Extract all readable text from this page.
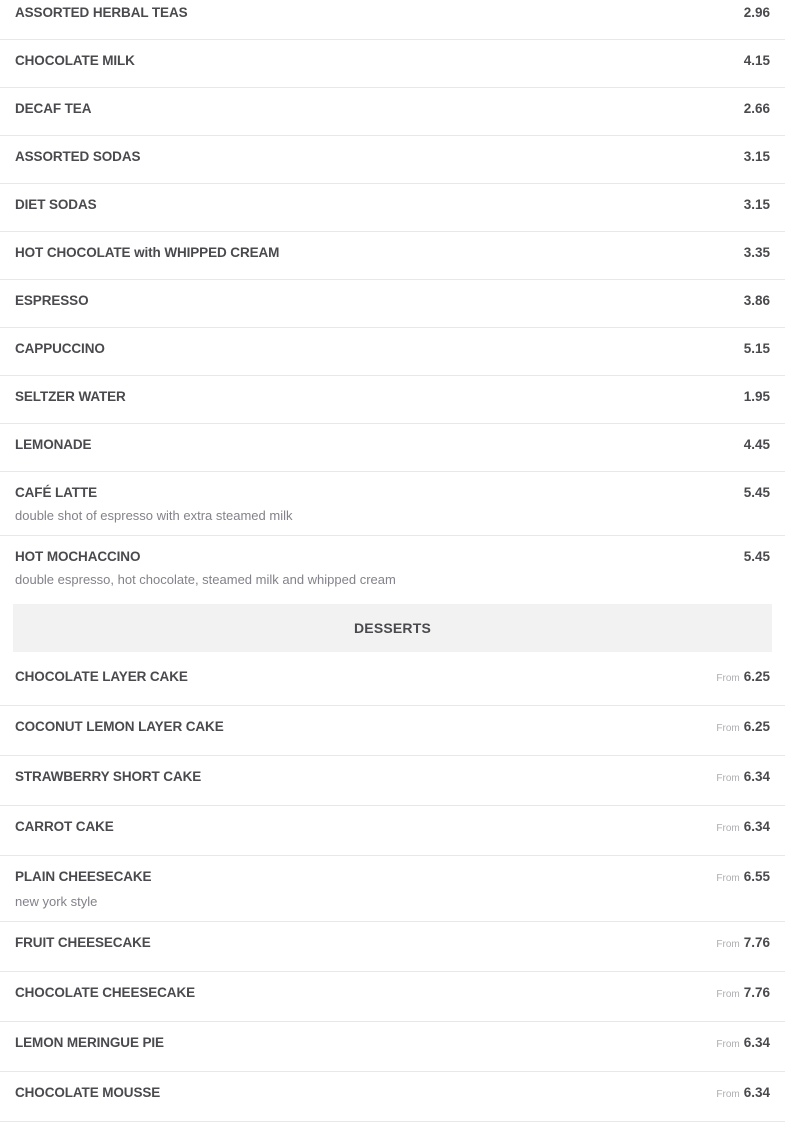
ASSORTED HERBAL TEAS	2.96
CHOCOLATE MILK	4.15
DECAF TEA	2.66
ASSORTED SODAS	3.15
DIET SODAS	3.15
HOT CHOCOLATE with WHIPPED CREAM	3.35
ESPRESSO	3.86
CAPPUCCINO	5.15
SELTZER WATER	1.95
LEMONADE	4.45
CAFÉ LATTE	5.45
double shot of espresso with extra steamed milk
HOT MOCHACCINO	5.45
double espresso, hot chocolate, steamed milk and whipped cream
DESSERTS
CHOCOLATE LAYER CAKE	From 6.25
COCONUT LEMON LAYER CAKE	From 6.25
STRAWBERRY SHORT CAKE	From 6.34
CARROT CAKE	From 6.34
PLAIN CHEESECAKE	From 6.55
new york style
FRUIT CHEESECAKE	From 7.76
CHOCOLATE CHEESECAKE	From 7.76
LEMON MERINGUE PIE	From 6.34
CHOCOLATE MOUSSE	From 6.34
